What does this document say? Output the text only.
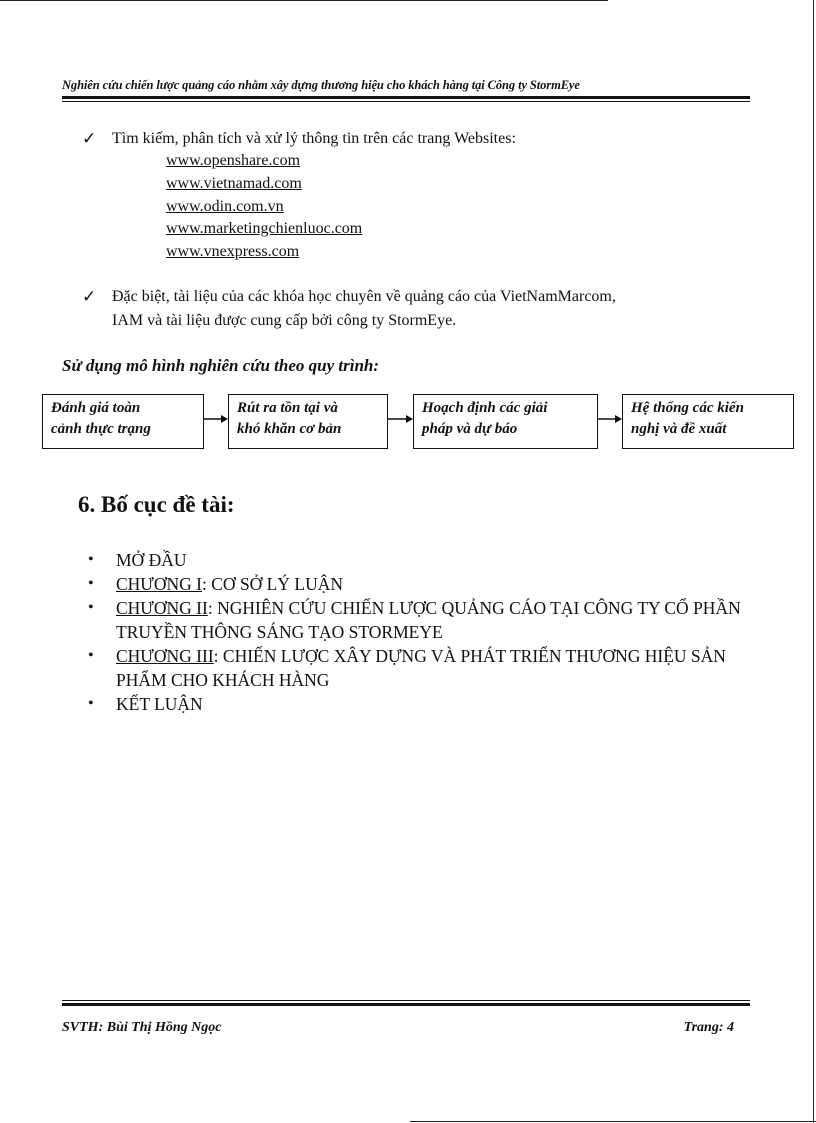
Nghiên cứu chiến lược quảng cáo nhằm xây dựng thương hiệu cho khách hàng tại Công ty StormEye
✓ Tìm kiếm, phân tích và xử lý thông tin trên các trang Websites:
www.openshare.com
www.vietnamad.com
www.odin.com.vn
www.marketingchienluoc.com
www.vnexpress.com
✓ Đặc biệt, tài liệu của các khóa học chuyên về quảng cáo của VietNamMarcom,
IAM và tài liệu được cung cấp bởi công ty StormEye.
Sử dụng mô hình nghiên cứu theo quy trình:
Đánh giá toàn
cảnh thực trạng
Rút ra tồn tại và
khó khăn cơ bản
Hoạch định các giải
pháp và dự báo
Hệ thống các kiến
nghị và đề xuất
6. Bố cục đề tài:
• MỞ ĐẦU
• CHƯƠNG I: CƠ SỞ LÝ LUẬN
• CHƯƠNG II: NGHIÊN CỨU CHIẾN LƯỢC QUẢNG CÁO TẠI CÔNG TY CỔ PHẦN TRUYỀN THÔNG SÁNG TẠO STORMEYE
• CHƯƠNG III: CHIẾN LƯỢC XÂY DỰNG VÀ PHÁT TRIỂN THƯƠNG HIỆU SẢN PHẨM CHO KHÁCH HÀNG
• KẾT LUẬN
SVTH: Bùi Thị Hồng Ngọc	Trang: 4
